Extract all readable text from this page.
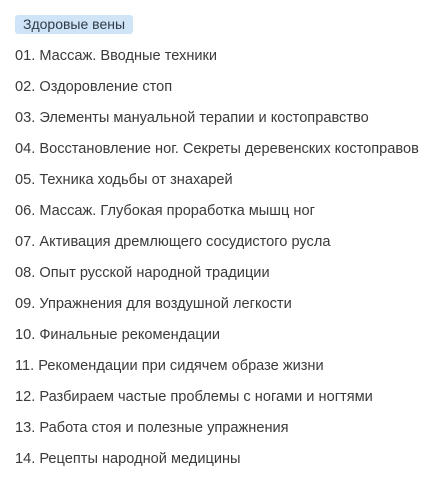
Здоровые вены
01. Массаж. Вводные техники
02. Оздоровление стоп
03. Элементы мануальной терапии и костоправство
04. Восстановление ног. Секреты деревенских костоправов
05. Техника ходьбы от знахарей
06. Массаж. Глубокая проработка мышц ног
07. Активация дремлющего сосудистого русла
08. Опыт русской народной традиции
09. Упражнения для воздушной легкости
10. Финальные рекомендации
11. Рекомендации при сидячем образе жизни
12. Разбираем частые проблемы с ногами и ногтями
13. Работа стоя и полезные упражнения
14. Рецепты народной медицины
